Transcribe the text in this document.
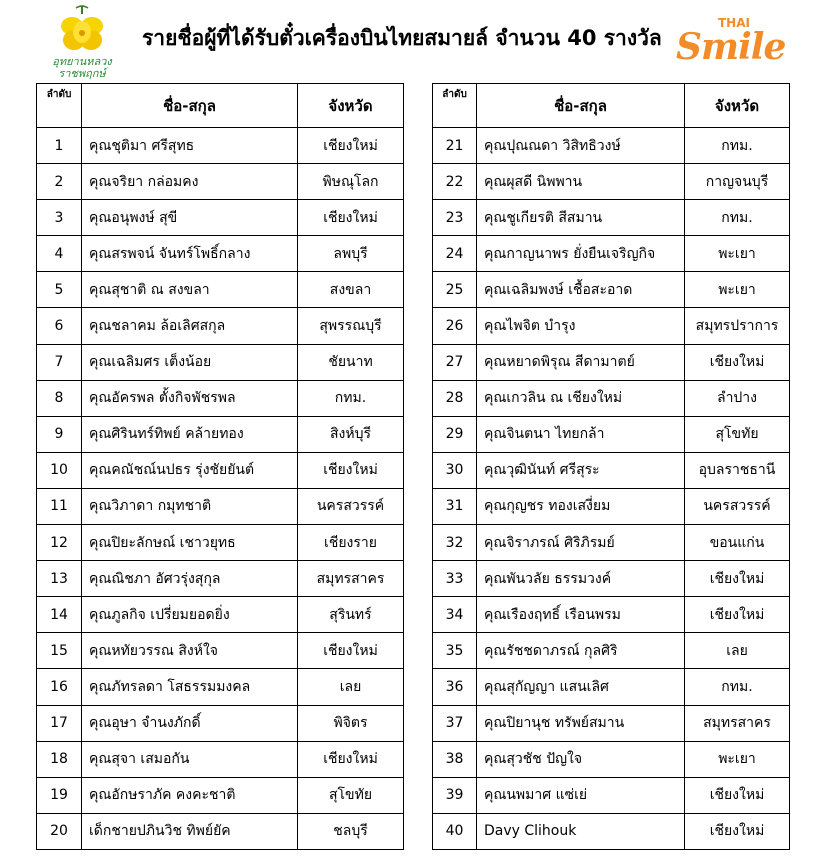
อุทยานหลวงราชพฤกษ์
รายชื่อผู้ที่ได้รับตั๋วเครื่องบินไทยสมายล์ จำนวน 40 รางวัล
THAI
Smile
ลำดับ	ชื่อ-สกุล	จังหวัด
1	คุณชุติมา ศรีสุทธ	เชียงใหม่
2	คุณจริยา กล่อมคง	พิษณุโลก
3	คุณอนุพงษ์ สุขี	เชียงใหม่
4	คุณสรพจน์ จันทร์โพธิ์กลาง	ลพบุรี
5	คุณสุชาติ ณ สงขลา	สงขลา
6	คุณชลาคม ล้อเลิศสกุล	สุพรรณบุรี
7	คุณเฉลิมศร เต็งน้อย	ชัยนาท
8	คุณอัครพล ตั้งกิจพัชรพล	กทม.
9	คุณศิรินทร์ทิพย์ คล้ายทอง	สิงห์บุรี
10	คุณคณัชณ์นปธร รุ่งชัยยันต์	เชียงใหม่
11	คุณวิภาดา กมุทชาติ	นครสวรรค์
12	คุณปิยะลักษณ์ เชาวยุทธ	เชียงราย
13	คุณณิชภา อัศวรุ่งสุกุล	สมุทรสาคร
14	คุณภูลกิจ เปรี่ยมยอดยิ่ง	สุรินทร์
15	คุณหทัยวรรณ สิงห์ใจ	เชียงใหม่
16	คุณภัทรลดา โสธรรมมงคล	เลย
17	คุณอุษา จำนงภักดิ์	พิจิตร
18	คุณสุจา เสมอกัน	เชียงใหม่
19	คุณอักษราภัค คงคะชาติ	สุโขทัย
20	เด็กชายปภินวิช ทิพย์ยัค	ชลบุรี
ลำดับ	ชื่อ-สกุล	จังหวัด
21	คุณปุณณดา วิสิทธิวงษ์	กทม.
22	คุณผุสดี นิพพาน	กาญจนบุรี
23	คุณชูเกียรติ สีสมาน	กทม.
24	คุณกาญนาพร ยั่งยืนเจริญกิจ	พะเยา
25	คุณเฉลิมพงษ์ เชื้อสะอาด	พะเยา
26	คุณไพจิต บำรุง	สมุทรปราการ
27	คุณหยาดพิรุณ สีดามาตย์	เชียงใหม่
28	คุณเกวลิน ณ เชียงใหม่	ลำปาง
29	คุณจินตนา ไทยกล้า	สุโขทัย
30	คุณวุฒินันท์ ศรีสุระ	อุบลราชธานี
31	คุณกุญชร ทองเสงี่ยม	นครสวรรค์
32	คุณจิราภรณ์ ศิริภิรมย์	ขอนแก่น
33	คุณพันวลัย ธรรมวงค์	เชียงใหม่
34	คุณเรืองฤทธิ์ เรือนพรม	เชียงใหม่
35	คุณรัชชดาภรณ์ กุลศิริ	เลย
36	คุณสุกัญญา แสนเลิศ	กทม.
37	คุณปิยานุช ทรัพย์สมาน	สมุทรสาคร
38	คุณสุวชัช ปัญใจ	พะเยา
39	คุณนพมาศ แซ่เย่	เชียงใหม่
40	Davy Clihouk	เชียงใหม่
